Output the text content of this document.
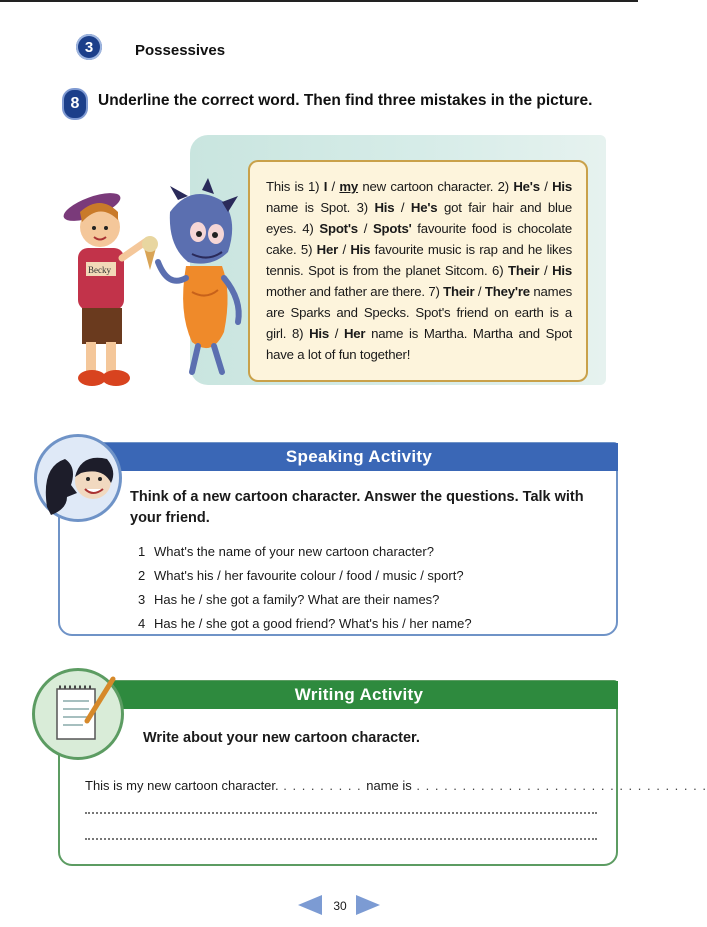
3	Possessives
8	Underline the correct word. Then find three mistakes in the picture.
Becky
This is 1) I / my new cartoon character. 2) He's / His name is Spot. 3) His / He's got fair hair and blue eyes. 4) Spot's / Spots' favourite food is chocolate cake. 5) Her / His favourite music is rap and he likes tennis. Spot is from the planet Sitcom. 6) Their / His mother and father are there. 7) Their / They're names are Sparks and Specks. Spot's friend on earth is a girl. 8) His / Her name is Martha. Martha and Spot have a lot of fun together!
Speaking Activity
Think of a new cartoon character. Answer the questions. Talk with your friend.
1 What's the name of your new cartoon character?
2 What's his / her favourite colour / food / music / sport?
3 Has he / she got a family? What are their names?
4 Has he / she got a good friend? What's his / her name?
Writing Activity
Write about your new cartoon character.
This is my new cartoon character. . . . . . . . . . name is . . . . . . . . . . . . . . . . . . . . . . . . . . . . . . . .
30
